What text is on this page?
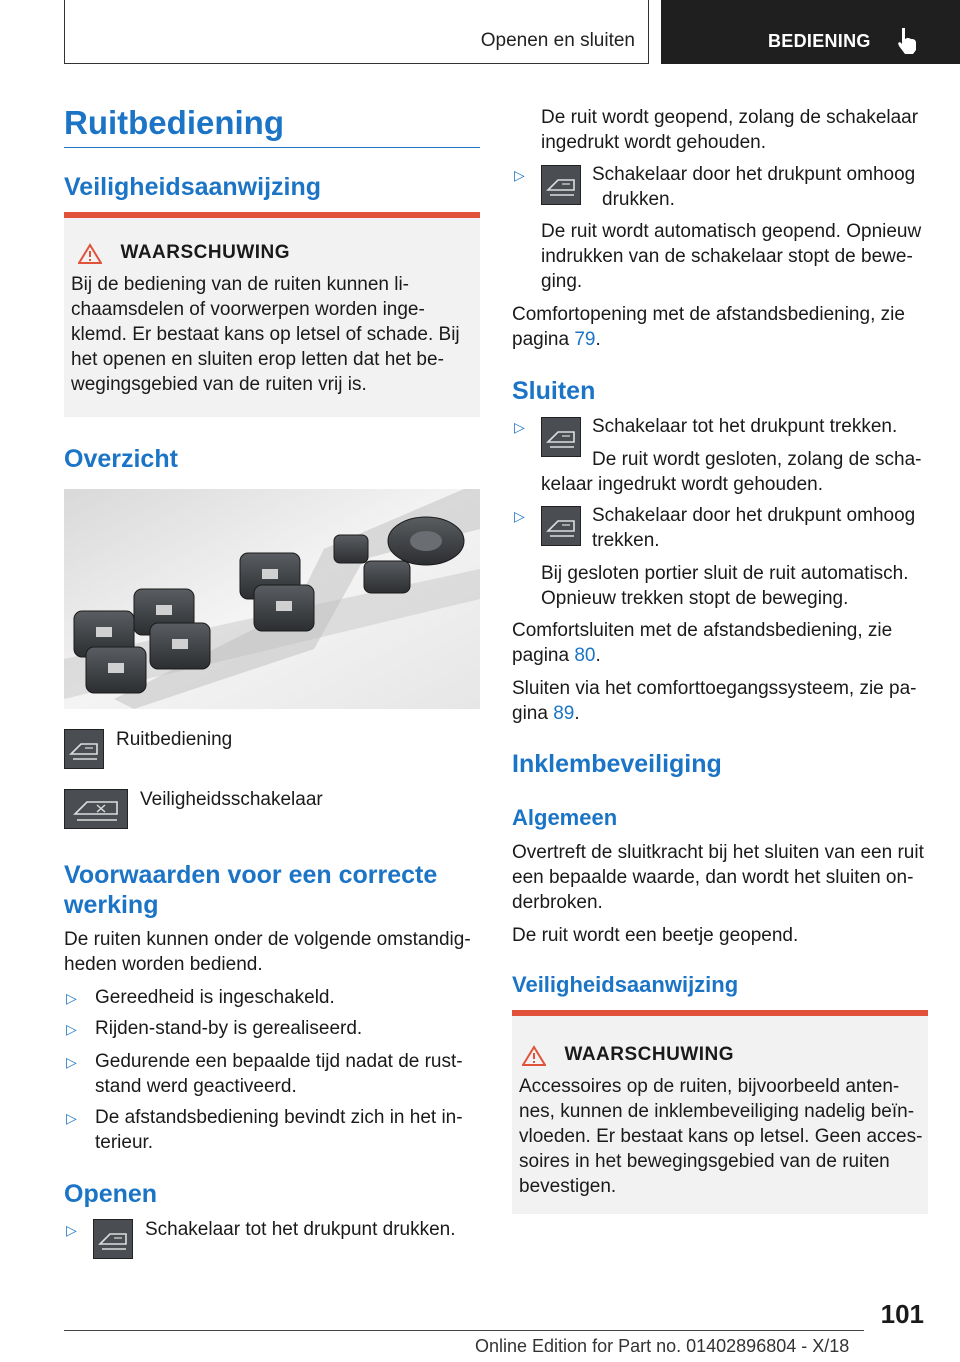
Openen en sluiten	BEDIENING
Ruitbediening
Veiligheidsaanwijzing
WAARSCHUWING
Bij de bediening van de ruiten kunnen li-
chaamsdelen of voorwerpen worden inge-
klemd. Er bestaat kans op letsel of schade. Bij
het openen en sluiten erop letten dat het be-
wegingsgebied van de ruiten vrij is.
Overzicht
Ruitbediening
Veiligheidsschakelaar
Voorwaarden voor een correcte
werking
De ruiten kunnen onder de volgende omstandig-
heden worden bediend.
▷ Gereedheid is ingeschakeld.
▷ Rijden-stand-by is gerealiseerd.
▷ Gedurende een bepaalde tijd nadat de rust-
stand werd geactiveerd.
▷ De afstandsbediening bevindt zich in het in-
terieur.
Openen
▷	Schakelaar tot het drukpunt drukken.
De ruit wordt geopend, zolang de schakelaar
ingedrukt wordt gehouden.
▷	Schakelaar door het drukpunt omhoog
drukken.
De ruit wordt automatisch geopend. Opnieuw
indrukken van de schakelaar stopt de bewe-
ging.
Comfortopening met de afstandsbediening, zie
pagina 79.
Sluiten
▷	Schakelaar tot het drukpunt trekken.
De ruit wordt gesloten, zolang de scha-
kelaar ingedrukt wordt gehouden.
▷	Schakelaar door het drukpunt omhoog
trekken.
Bij gesloten portier sluit de ruit automatisch.
Opnieuw trekken stopt de beweging.
Comfortsluiten met de afstandsbediening, zie
pagina 80.
Sluiten via het comforttoegangssysteem, zie pa-
gina 89.
Inklembeveiliging
Algemeen
Overtreft de sluitkracht bij het sluiten van een ruit
een bepaalde waarde, dan wordt het sluiten on-
derbroken.
De ruit wordt een beetje geopend.
Veiligheidsaanwijzing
WAARSCHUWING
Accessoires op de ruiten, bijvoorbeeld anten-
nes, kunnen de inklembeveiliging nadelig beïn-
vloeden. Er bestaat kans op letsel. Geen acces-
soires in het bewegingsgebied van de ruiten
bevestigen.
101
Online Edition for Part no. 01402896804 - X/18
